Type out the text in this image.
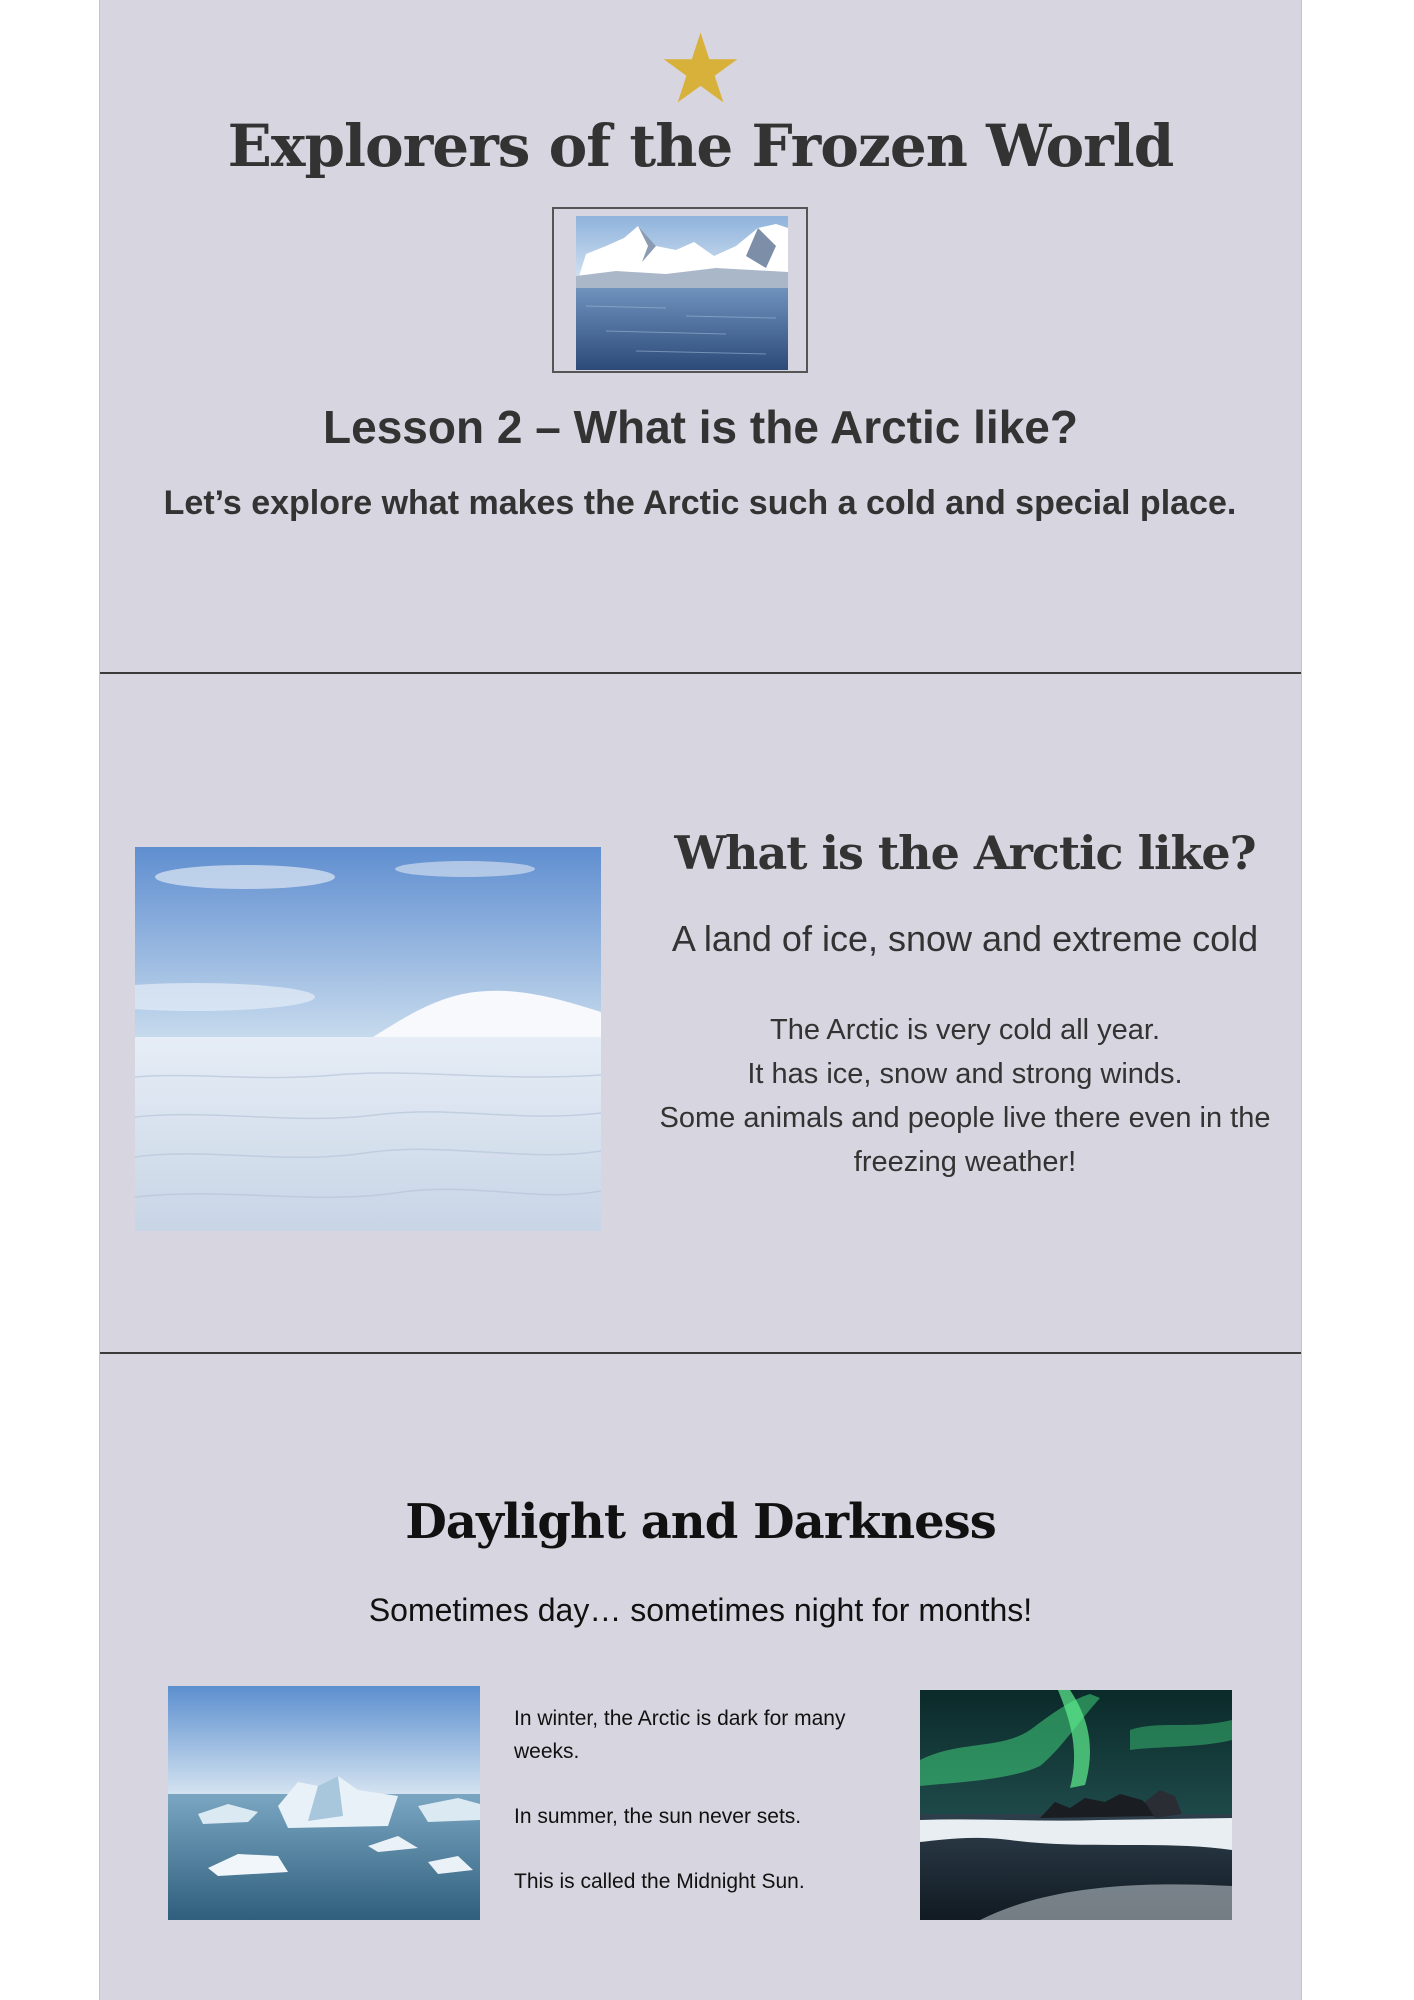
★
Explorers of the Frozen World
Lesson 2 – What is the Arctic like?

Let’s explore what makes the Arctic such a cold and special place.

What is the Arctic like?

A land of ice, snow and extreme cold

The Arctic is very cold all year.
It has ice, snow and strong winds.
Some animals and people live there even in the freezing weather!
Daylight and Darkness

Sometimes day… sometimes night for months!

In winter, the Arctic is dark for many weeks.

In summer, the sun never sets.

This is called the Midnight Sun.
